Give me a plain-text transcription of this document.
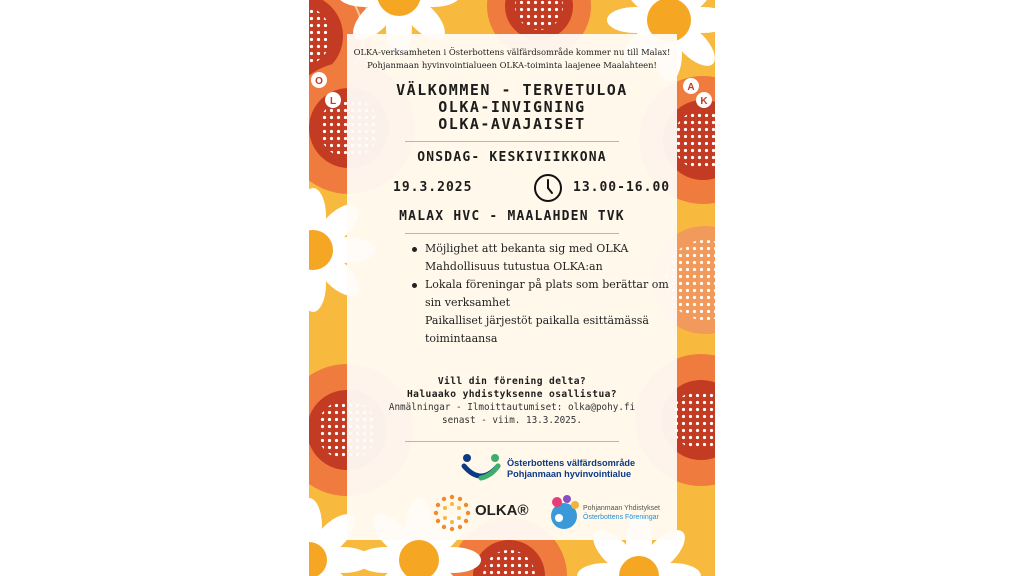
O
L	K
A
OLKA-verksamheten i Österbottens välfärdsområde kommer nu till Malax!
Pohjanmaan hyvinvointialueen OLKA-toiminta laajenee Maalahteen!
VÄLKOMMEN - TERVETULOA
OLKA-INVIGNING
OLKA-AVAJAISET
ONSDAG- KESKIVIIKKONA
19.3.2025	13.00-16.00
MALAX HVC - MAALAHDEN TVK
Möjlighet att bekanta sig med OLKA
Mahdollisuus tutustua OLKA:an
Lokala föreningar på plats som berättar om
sin verksamhet
Paikalliset järjestöt paikalla esittämässä
toimintaansa
Vill din förening delta?
Haluaako yhdistyksenne osallistua?
Anmälningar - Ilmoittautumiset: olka@pohy.fi
senast - viim. 13.3.2025.
Österbottens välfärdsområde
Pohjanmaan hyvinvointialue
OLKA®	Pohjanmaan Yhdistykset
Österbottens Föreningar
